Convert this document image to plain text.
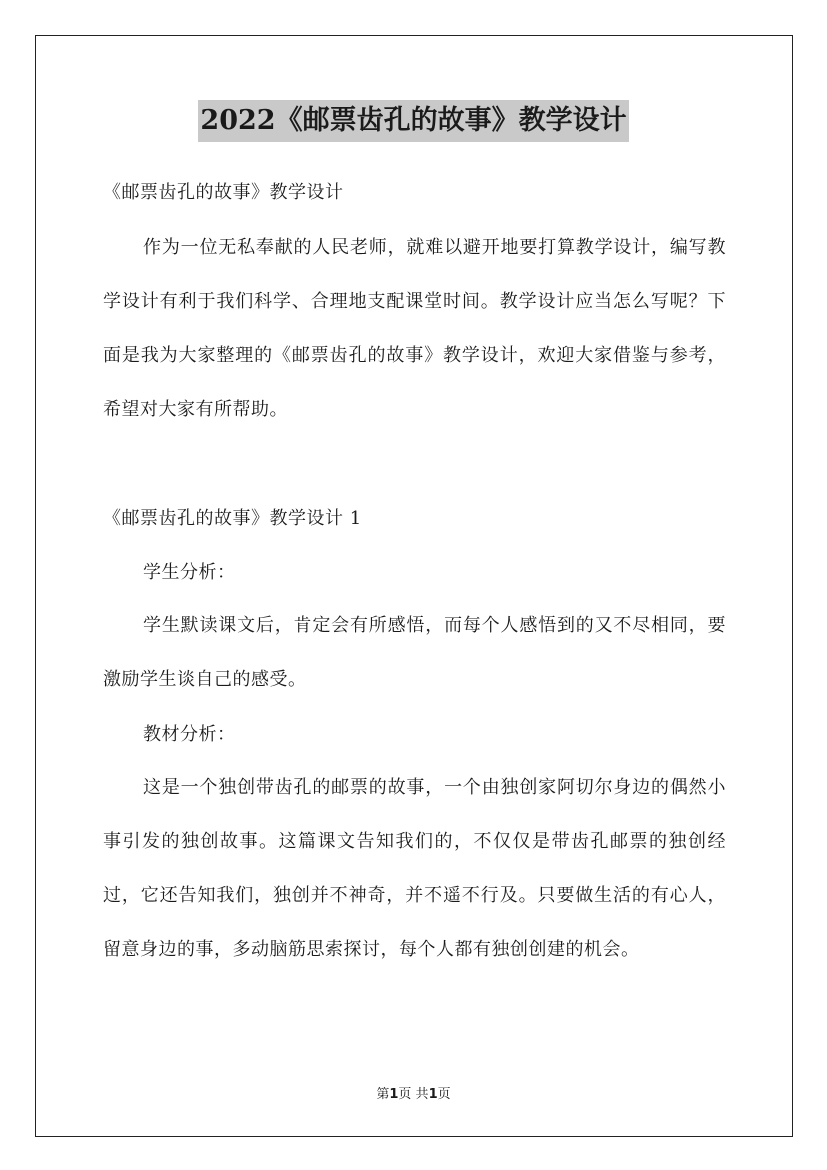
2022《邮票齿孔的故事》教学设计

《邮票齿孔的故事》教学设计

作为一位无私奉献的人民老师，就难以避开地要打算教学设计，编写教学设计有利于我们科学、合理地支配课堂时间。教学设计应当怎么写呢？下面是我为大家整理的《邮票齿孔的故事》教学设计，欢迎大家借鉴与参考，希望对大家有所帮助。

《邮票齿孔的故事》教学设计 1

学生分析：

学生默读课文后，肯定会有所感悟，而每个人感悟到的又不尽相同，要激励学生谈自己的感受。

教材分析：

这是一个独创带齿孔的邮票的故事，一个由独创家阿切尔身边的偶然小事引发的独创故事。这篇课文告知我们的，不仅仅是带齿孔邮票的独创经过，它还告知我们，独创并不神奇，并不遥不行及。只要做生活的有心人，留意身边的事，多动脑筋思索探讨，每个人都有独创创建的机会。

第1页 共1页
